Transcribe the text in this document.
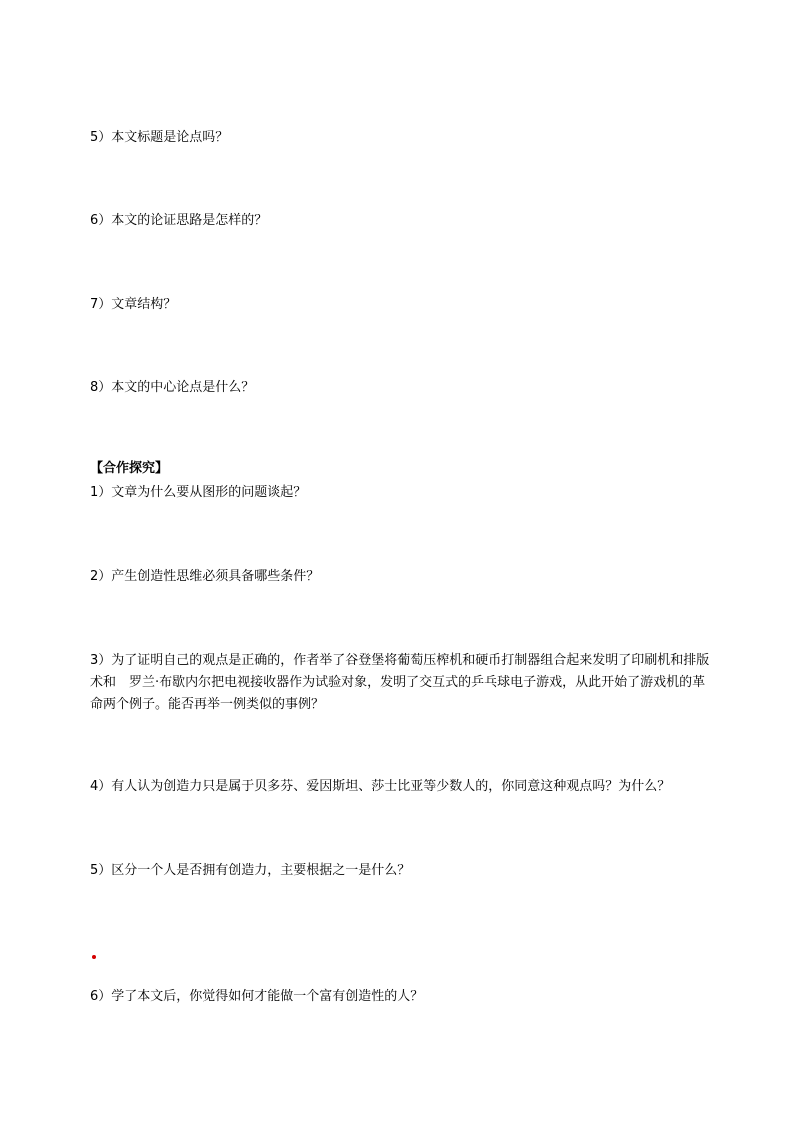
5）本文标题是论点吗？
6）本文的论证思路是怎样的？
7）文章结构？
8）本文的中心论点是什么？
【合作探究】
1）文章为什么要从图形的问题谈起？
2）产生创造性思维必须具备哪些条件？
3）为了证明自己的观点是正确的，作者举了谷登堡将葡萄压榨机和硬币打制器组合起来发明了印刷机和排版术和　罗兰·布歇内尔把电视接收器作为试验对象，发明了交互式的乒乓球电子游戏，从此开始了游戏机的革命两个例子。能否再举一例类似的事例？
4）有人认为创造力只是属于贝多芬、爱因斯坦、莎士比亚等少数人的，你同意这种观点吗？为什么？
5）区分一个人是否拥有创造力，主要根据之一是什么？
6）学了本文后，你觉得如何才能做一个富有创造性的人？
